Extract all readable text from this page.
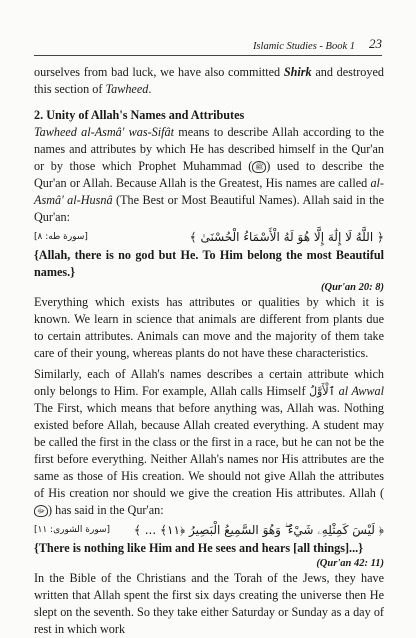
Islamic Studies - Book 1 23

ourselves from bad luck, we have also committed Shirk and destroyed this section of Tawheed.

2. Unity of Allah's Names and Attributes

Tawheed al-Asmâ' was-Sifât means to describe Allah according to the names and attributes by which He has described himself in the Qur'an or by those which Prophet Muhammad ( ﷺ ) used to describe the Qur'an or Allah. Because Allah is the Greatest, His names are called al-Asmâ' al-Husnâ (The Best or Most Beautiful Names). Allah said in the Qur'an:

[سورة طه: ٨]	﴿ اللَّهُ لَا إِلَٰهَ إِلَّا هُوَ لَهُ الْأَسْمَاءُ الْحُسْنَىٰ ﴾

{Allah, there is no god but He. To Him belong the most Beautiful names.}

(Qur'an 20: 8)

Everything which exists has attributes or qualities by which it is known. We learn in science that animals are different from plants due to certain attributes. Animals can move and the majority of them take care of their young, whereas plants do not have these characteristics.

Similarly, each of Allah's names describes a certain attribute which only belongs to Him. For example, Allah calls Himself ٱلْأَوَّلُ al Awwal The First, which means that before anything was, Allah was. Nothing existed before Allah, because Allah created everything. A student may be called the first in the class or the first in a race, but he can not be the first before everything. Neither Allah's names nor His attributes are the same as those of His creation. We should not give Allah the attributes of His creation nor should we give the creation His attributes. Allah (ﷻ ) has said in the Qur'an:

[سورة الشورى: ١١] ﴿ لَيْسَ كَمِثْلِهِۦ شَيْءٌ ۖ وَهُوَ السَّمِيعُ الْبَصِيرُ ﴿١١﴾ ... ﴾

{There is nothing like Him and He sees and hears [all things]...}

(Qur'an 42: 11)

In the Bible of the Christians and the Torah of the Jews, they have written that Allah spent the first six days creating the universe then He slept on the seventh. So they take either Saturday or Sunday as a day of rest in which work
